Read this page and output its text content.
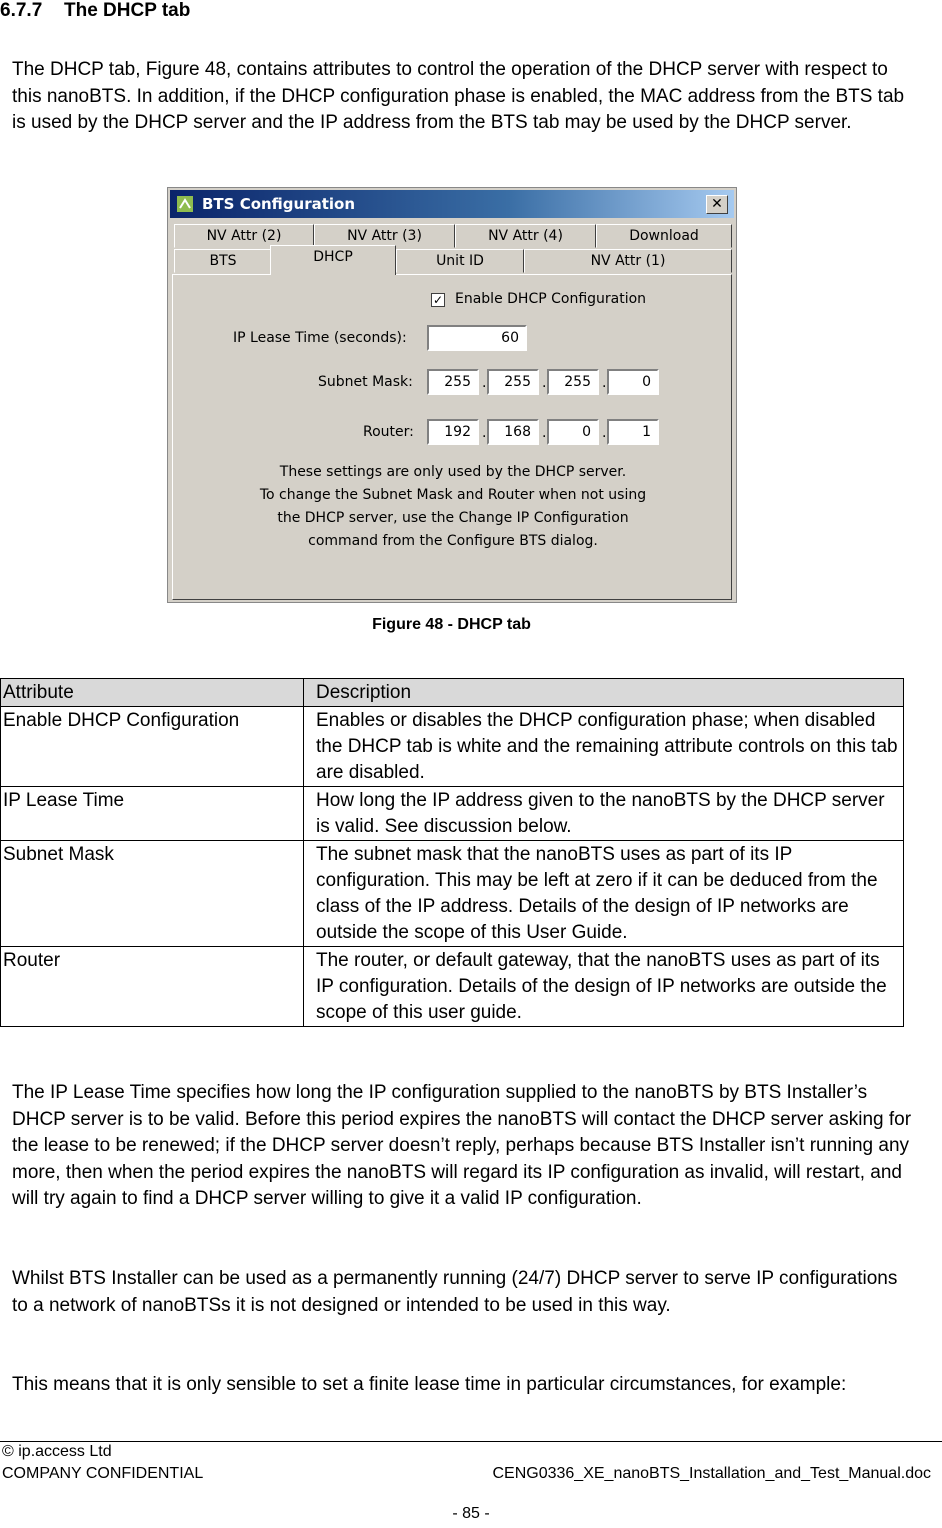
6.7.7 The DHCP tab

The DHCP tab, Figure 48, contains attributes to control the operation of the DHCP server with respect to this nanoBTS. In addition, if the DHCP configuration phase is enabled, the MAC address from the BTS tab is used by the DHCP server and the IP address from the BTS tab may be used by the DHCP server.

BTS Configuration	✕
NV Attr (2)	NV Attr (3)	NV Attr (4)	Download
BTS	DHCP	Unit ID	NV Attr (1)
✓ Enable DHCP Configuration
IP Lease Time (seconds):	60
Subnet Mask:	255 .	255 .	255 .	0
Router:	192 .	168 .	0 .	1
These settings are only used by the DHCP server.
To change the Subnet Mask and Router when not using
the DHCP server, use the Change IP Configuration
command from the Configure BTS dialog.
Figure 48 - DHCP tab
Attribute	Description
Enable DHCP Configuration	Enables or disables the DHCP configuration phase; when disabled the DHCP tab is white and the remaining attribute controls on this tab are disabled.
IP Lease Time	How long the IP address given to the nanoBTS by the DHCP server is valid. See discussion below.
Subnet Mask	The subnet mask that the nanoBTS uses as part of its IP configuration. This may be left at zero if it can be deduced from the class of the IP address. Details of the design of IP networks are outside the scope of this User Guide.
Router	The router, or default gateway, that the nanoBTS uses as part of its IP configuration. Details of the design of IP networks are outside the scope of this user guide.

The IP Lease Time specifies how long the IP configuration supplied to the nanoBTS by BTS Installer’s DHCP server is to be valid. Before this period expires the nanoBTS will contact the DHCP server asking for the lease to be renewed; if the DHCP server doesn’t reply, perhaps because BTS Installer isn’t running any more, then when the period expires the nanoBTS will regard its IP configuration as invalid, will restart, and will try again to find a DHCP server willing to give it a valid IP configuration.

Whilst BTS Installer can be used as a permanently running (24/7) DHCP server to serve IP configurations to a network of nanoBTSs it is not designed or intended to be used in this way.

This means that it is only sensible to set a finite lease time in particular circumstances, for example:

© ip.access Ltd
COMPANY CONFIDENTIAL	CENG0336_XE_nanoBTS_Installation_and_Test_Manual.doc
- 85 -
